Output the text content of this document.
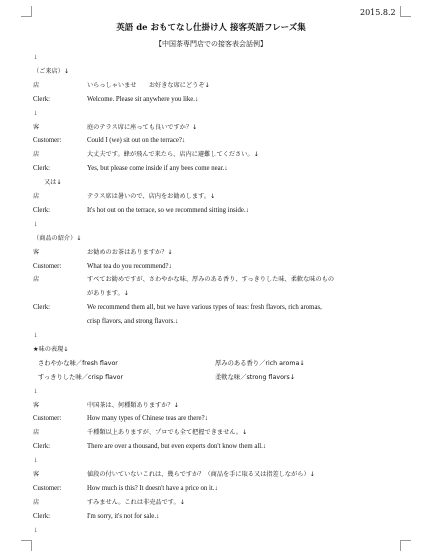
2015.8.2
英語 de おもてなし仕掛け人 接客英語フレーズ集
【中国茶専門店での接客表会話例】
↓
（ご来店）↓
店	いらっしゃいませ　　お好きな席にどうぞ↓
Clerk:	Welcome. Please sit anywhere you like.↓
↓
客	庭のテラス席に座っても良いですか？↓
Customer:	Could I (we) sit out on the terrace?↓
店	大丈夫です。蜂が飛んで来たら、店内に避難してください。↓
Clerk:	Yes, but please come inside if any bees come near.↓
又は↓
店	テラス席は暑いので、店内をお勧めします。↓
Clerk:	It's hot out on the terrace, so we recommend sitting inside.↓
↓
（商品の紹介）↓
客	お勧めのお茶はありますか？↓
Customer:	What tea do you recommend?↓
店	すべてお勧めですが、さわやかな味、厚みのある香り、すっきりした味、柔軟な味のもの
があります。↓
Clerk:	We recommend them all, but we have various types of teas: fresh flavors, rich aromas,
crisp flavors, and strong flavors.↓
↓
★味の表現↓
さわやかな味／fresh flavor	厚みのある香り／rich aroma↓
すっきりした味／crisp flavor	柔軟な味／strong flavors↓
↓
客	中国茶は、何種類ありますか？↓
Customer:	How many types of Chinese teas are there?↓
店	千種類以上ありますが、プロでも全て把握できません。↓
Clerk:	There are over a thousand, but even experts don't know them all.↓
↓
客	値段の付いていないこれは、幾らですか？（商品を手に取る又は指差しながら）↓
Customer:	How much is this? It doesn't have a price on it.↓
店	すみません。これは非売品です。↓
Clerk:	I'm sorry, it's not for sale.↓
↓
